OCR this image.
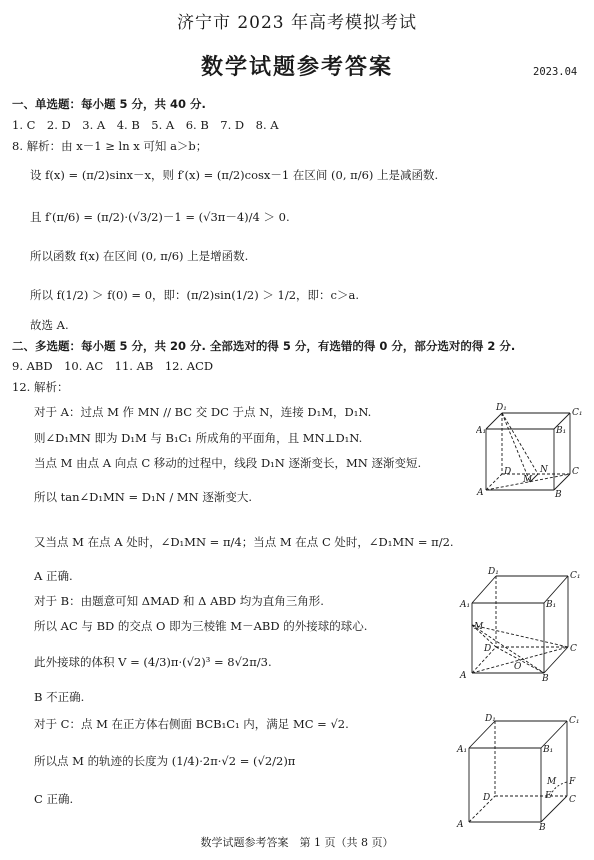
济宁市 2023 年高考模拟考试
数学试题参考答案	2023.04
一、单选题：每小题 5 分，共 40 分.
1. C　2. D　3. A　4. B　5. A　6. B　7. D　8. A
8. 解析：由 x－1 ≥ ln x 可知 a＞b；
设 f(x) = (π/2)sinx－x，则 f′(x) = (π/2)cosx－1 在区间 (0, π/6) 上是减函数.
且 f′(π/6) = (π/2)·(√3/2)－1 = (√3π－4)/4 ＞ 0.
所以函数 f(x) 在区间 (0, π/6) 上是增函数.
所以 f(1/2) ＞ f(0) = 0，即：(π/2)sin(1/2) ＞ 1/2，即：c＞a.
故选 A.
二、多选题：每小题 5 分，共 20 分. 全部选对的得 5 分，有选错的得 0 分，部分选对的得 2 分.
9. ABD　10. AC　11. AB　12. ACD
12. 解析：
对于 A：过点 M 作 MN // BC 交 DC 于点 N，连接 D₁M，D₁N.
则∠D₁MN 即为 D₁M 与 B₁C₁ 所成角的平面角，且 MN⊥D₁N.
当点 M 由点 A 向点 C 移动的过程中，线段 D₁N 逐渐变长，MN 逐渐变短.
所以 tan∠D₁MN = D₁N / MN 逐渐变大.
又当点 M 在点 A 处时，∠D₁MN = π/4；当点 M 在点 C 处时，∠D₁MN = π/2.
A 正确.
对于 B：由题意可知 ΔMAD 和 Δ ABD 均为直角三角形.
所以 AC 与 BD 的交点 O 即为三棱锥 M－ABD 的外接球的球心.
此外接球的体积 V = (4/3)π·(√2)³ = 8√2π/3.
B 不正确.
对于 C：点 M 在正方体右侧面 BCB₁C₁ 内，满足 MC = √2.
所以点 M 的轨迹的长度为 (1/4)·2π·√2 = (√2/2)π
C 正确.
D₁	C₁
A₁	B₁
D	C
A	B
N
M
D₁	C₁
A₁	B₁
M
D	C
A	B
O
D₁	C₁
A₁	B₁
D	C
A	B
M F
E
数学试题参考答案　第 1 页（共 8 页）
